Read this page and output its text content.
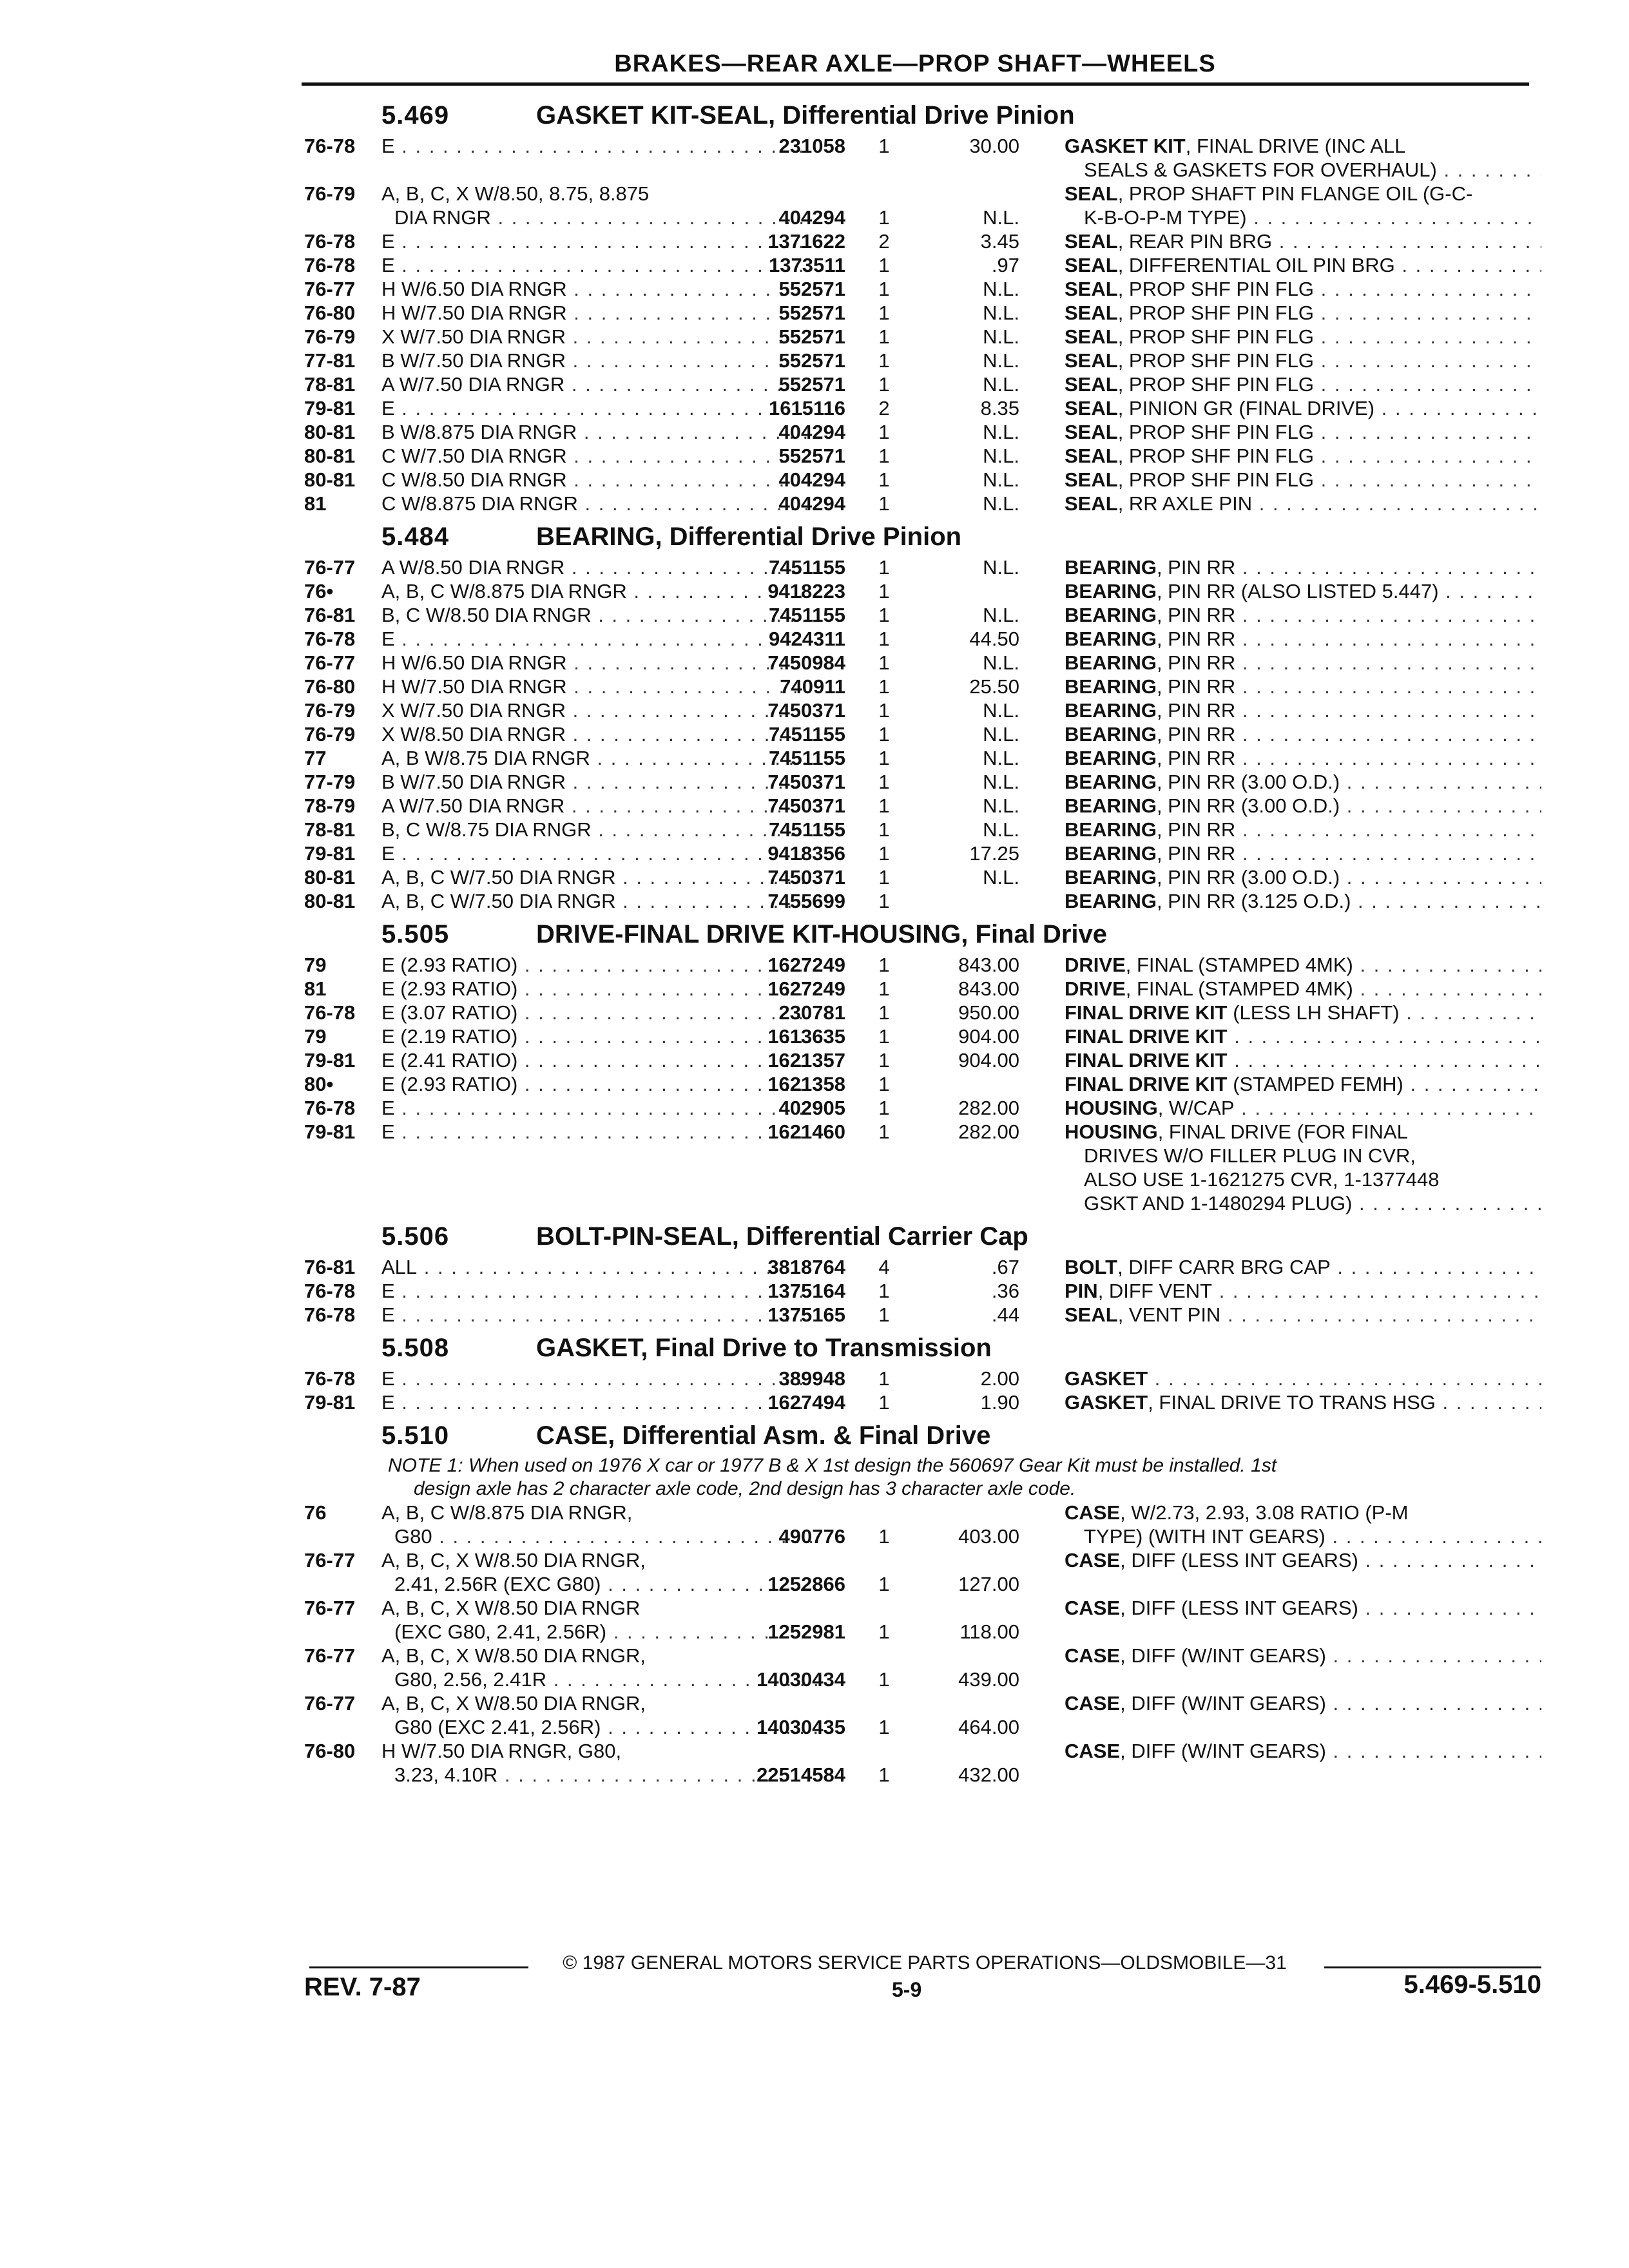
BRAKES—REAR AXLE—PROP SHAFT—WHEELS
5.469	GASKET KIT-SEAL, Differential Drive Pinion
76-78	E . . .	231058	1	30.00 GASKET KIT, FINAL DRIVE (INC ALL
SEALS & GASKETS FOR OVERHAUL) . . .
76-79	A, B, C, X W/8.50, 8.75, 8.875
DIA RNGR . . .	404294	1	N.L.
SEAL, PROP SHAFT PIN FLANGE OIL (G-C-
K-B-O-P-M TYPE) . . .
76-78	E . . .	1371622	2	3.45 SEAL, REAR PIN BRG . . .
76-78	E . . .	1373511	1	.97 SEAL, DIFFERENTIAL OIL PIN BRG . . .
76-77	H W/6.50 DIA RNGR . . .	552571	1	N.L. SEAL, PROP SHF PIN FLG . . .
76-80	H W/7.50 DIA RNGR . . .	552571	1	N.L. SEAL, PROP SHF PIN FLG . . .
76-79	X W/7.50 DIA RNGR . . .	552571	1	N.L. SEAL, PROP SHF PIN FLG . . .
77-81	B W/7.50 DIA RNGR . . .	552571	1	N.L. SEAL, PROP SHF PIN FLG . . .
78-81	A W/7.50 DIA RNGR . . .	552571	1	N.L. SEAL, PROP SHF PIN FLG . . .
79-81	E . . .	1615116	2	8.35 SEAL, PINION GR (FINAL DRIVE) . . .
80-81	B W/8.875 DIA RNGR . . .	404294	1	N.L. SEAL, PROP SHF PIN FLG . . .
80-81	C W/7.50 DIA RNGR . . .	552571	1	N.L. SEAL, PROP SHF PIN FLG . . .
80-81	C W/8.50 DIA RNGR . . .	404294	1	N.L. SEAL, PROP SHF PIN FLG . . .
81	C W/8.875 DIA RNGR . . .	404294	1	N.L. SEAL, RR AXLE PIN . . .
5.484	BEARING, Differential Drive Pinion
76-77	A W/8.50 DIA RNGR . . .	7451155	1	N.L. BEARING, PIN RR . . .
76•	A, B, C W/8.875 DIA RNGR . . .	9418223	1	BEARING, PIN RR (ALSO LISTED 5.447) . . .
76-81	B, C W/8.50 DIA RNGR . . .	7451155	1	N.L. BEARING, PIN RR . . .
76-78	E . . .	9424311	1	44.50 BEARING, PIN RR . . .
76-77	H W/6.50 DIA RNGR . . .	7450984	1	N.L. BEARING, PIN RR . . .
76-80	H W/7.50 DIA RNGR . . .	740911	1	25.50 BEARING, PIN RR . . .
76-79	X W/7.50 DIA RNGR . . .	7450371	1	N.L. BEARING, PIN RR . . .
76-79	X W/8.50 DIA RNGR . . .	7451155	1	N.L. BEARING, PIN RR . . .
77	A, B W/8.75 DIA RNGR . . .	7451155	1	N.L. BEARING, PIN RR . . .
77-79	B W/7.50 DIA RNGR . . .	7450371	1	N.L. BEARING, PIN RR (3.00 O.D.) . . .
78-79	A W/7.50 DIA RNGR . . .	7450371	1	N.L. BEARING, PIN RR (3.00 O.D.) . . .
78-81	B, C W/8.75 DIA RNGR . . .	7451155	1	N.L. BEARING, PIN RR . . .
79-81	E . . .	9418356	1	17.25 BEARING, PIN RR . . .
80-81	A, B, C W/7.50 DIA RNGR . . .	7450371	1	N.L. BEARING, PIN RR (3.00 O.D.) . . .
80-81	A, B, C W/7.50 DIA RNGR . . .	7455699	1	BEARING, PIN RR (3.125 O.D.) . . .
5.505	DRIVE-FINAL DRIVE KIT-HOUSING, Final Drive
79	E (2.93 RATIO) . . .	1627249	1	843.00 DRIVE, FINAL (STAMPED 4MK) . . .
81	E (2.93 RATIO) . . .	1627249	1	843.00 DRIVE, FINAL (STAMPED 4MK) . . .
76-78	E (3.07 RATIO) . . .	230781	1	950.00 FINAL DRIVE KIT (LESS LH SHAFT) . . .
79	E (2.19 RATIO) . . .	1613635	1	904.00 FINAL DRIVE KIT . . .
79-81	E (2.41 RATIO) . . .	1621357	1	904.00 FINAL DRIVE KIT . . .
80•	E (2.93 RATIO) . . .	1621358	1	FINAL DRIVE KIT (STAMPED FEMH) . . .
76-78	E . . .	402905	1	282.00 HOUSING, W/CAP . . .
79-81	E . . .	1621460	1	282.00 HOUSING, FINAL DRIVE (FOR FINAL
DRIVES W/O FILLER PLUG IN CVR,
ALSO USE 1-1621275 CVR, 1-1377448
GSKT AND 1-1480294 PLUG) . . .
5.506	BOLT-PIN-SEAL, Differential Carrier Cap
76-81	ALL . . .	3818764	4	.67 BOLT, DIFF CARR BRG CAP . . .
76-78	E . . .	1375164	1	.36 PIN, DIFF VENT . . .
76-78	E . . .	1375165	1	.44 SEAL, VENT PIN . . .
5.508	GASKET, Final Drive to Transmission
76-78	E . . .	389948	1	2.00 GASKET . . .
79-81	E . . .	1627494	1	1.90 GASKET, FINAL DRIVE TO TRANS HSG . . .
5.510	CASE, Differential Asm. & Final Drive
NOTE 1: When used on 1976 X car or 1977 B & X 1st design the 560697 Gear Kit must be installed. 1st
design axle has 2 character axle code, 2nd design has 3 character axle code.
76	A, B, C W/8.875 DIA RNGR,
G80 . . .	490776	1	403.00
CASE, W/2.73, 2.93, 3.08 RATIO (P-M
TYPE) (WITH INT GEARS) . . .
76-77	A, B, C, X W/8.50 DIA RNGR,
2.41, 2.56R (EXC G80) . . .	1252866	1	127.00
CASE, DIFF (LESS INT GEARS) . . .
76-77	A, B, C, X W/8.50 DIA RNGR
(EXC G80, 2.41, 2.56R) . . .	1252981	1	118.00
CASE, DIFF (LESS INT GEARS) . . .
76-77	A, B, C, X W/8.50 DIA RNGR,
G80, 2.56, 2.41R . . .	14030434	1	439.00
CASE, DIFF (W/INT GEARS) . . .
76-77	A, B, C, X W/8.50 DIA RNGR,
G80 (EXC 2.41, 2.56R) . . .	14030435	1	464.00
CASE, DIFF (W/INT GEARS) . . .
76-80	H W/7.50 DIA RNGR, G80,
3.23, 4.10R . . .	22514584	1	432.00
CASE, DIFF (W/INT GEARS) . . .
© 1987 GENERAL MOTORS SERVICE PARTS OPERATIONS—OLDSMOBILE—31
REV. 7-87	5-9	5.469-5.510
